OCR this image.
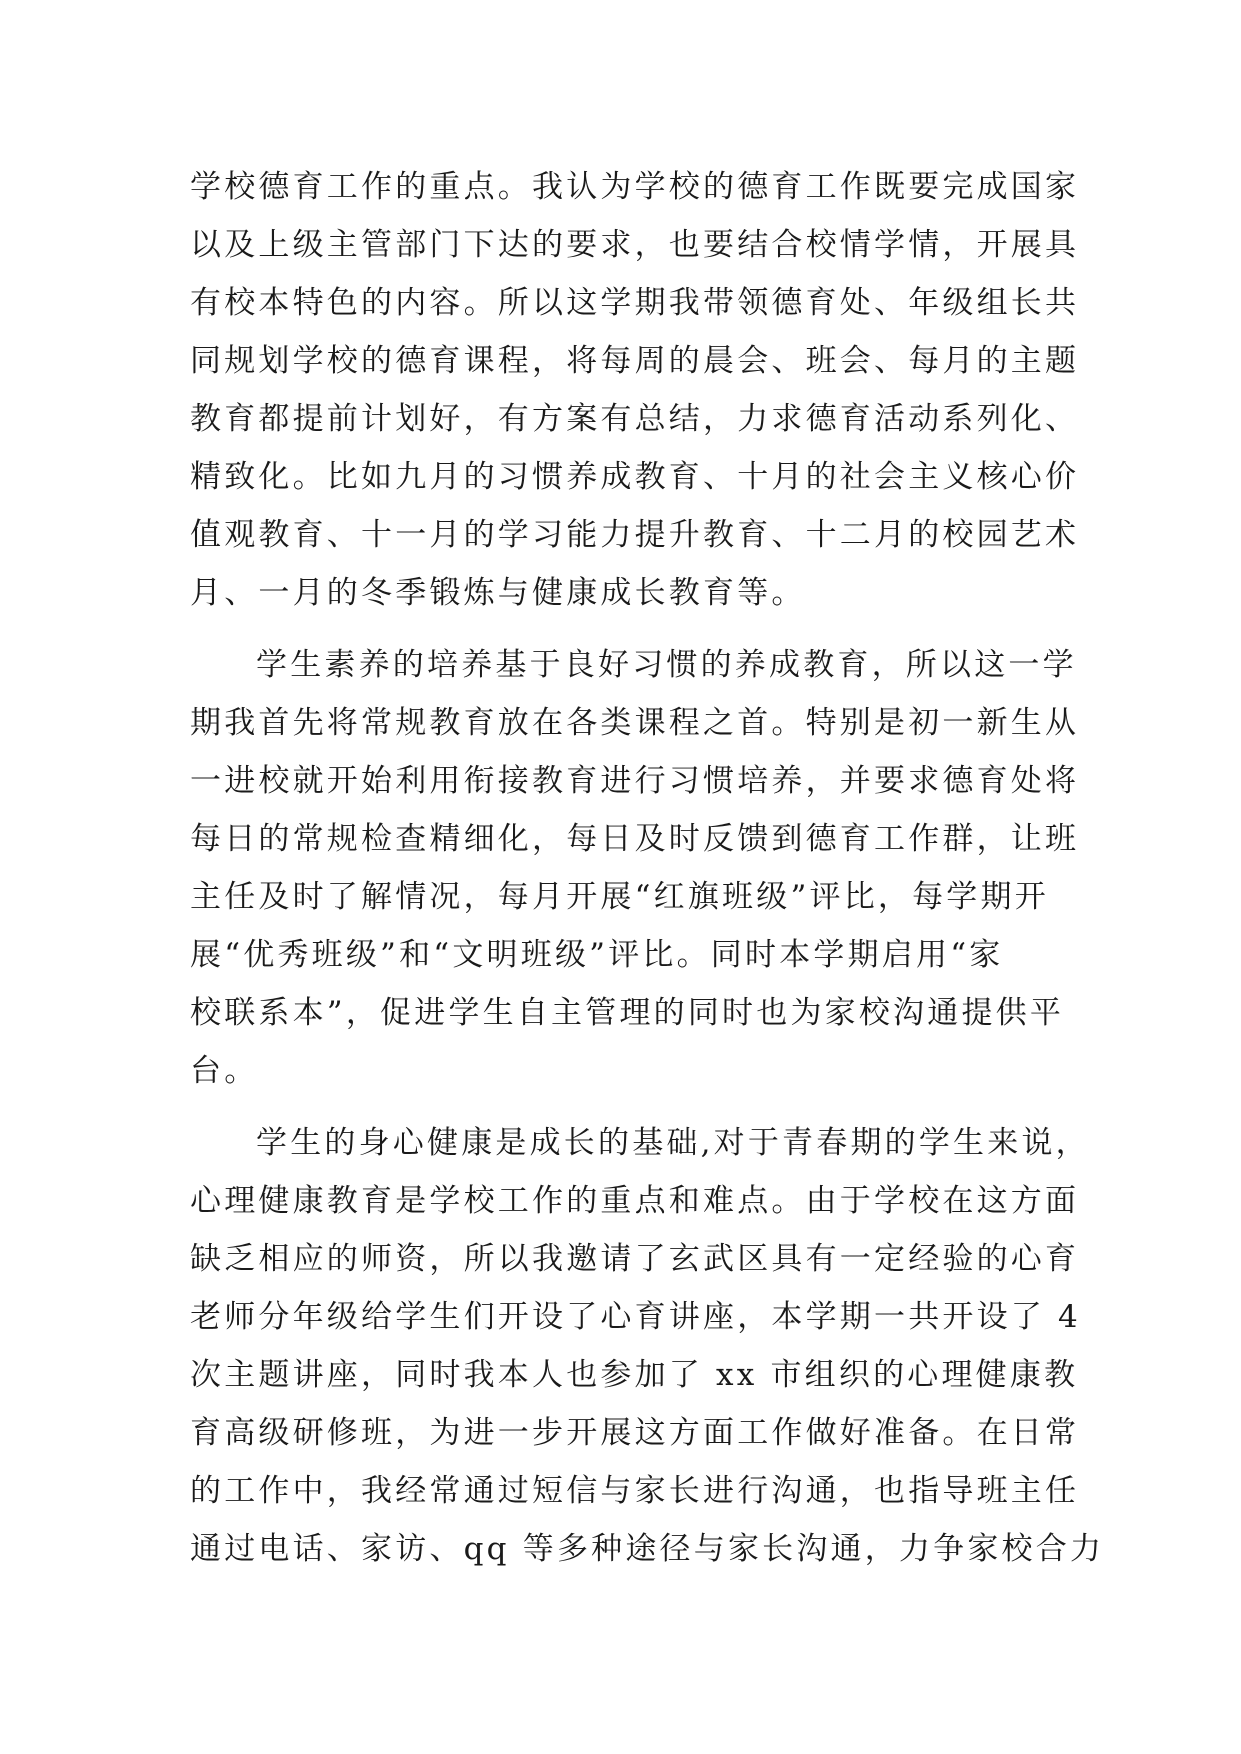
学校德育工作的重点。我认为学校的德育工作既要完成国家
以及上级主管部门下达的要求，也要结合校情学情，开展具
有校本特色的内容。所以这学期我带领德育处、年级组长共
同规划学校的德育课程，将每周的晨会、班会、每月的主题
教育都提前计划好，有方案有总结，力求德育活动系列化、
精致化。比如九月的习惯养成教育、十月的社会主义核心价
值观教育、十一月的学习能力提升教育、十二月的校园艺术
月、一月的冬季锻炼与健康成长教育等。
学生素养的培养基于良好习惯的养成教育，所以这一学
期我首先将常规教育放在各类课程之首。特别是初一新生从
一进校就开始利用衔接教育进行习惯培养，并要求德育处将
每日的常规检查精细化，每日及时反馈到德育工作群，让班
主任及时了解情况，每月开展“红旗班级”评比，每学期开
展“优秀班级”和“文明班级”评比。同时本学期启用“家
校联系本”，促进学生自主管理的同时也为家校沟通提供平
台。
学生的身心健康是成长的基础,对于青春期的学生来说，
心理健康教育是学校工作的重点和难点。由于学校在这方面
缺乏相应的师资，所以我邀请了玄武区具有一定经验的心育
老师分年级给学生们开设了心育讲座，本学期一共开设了 4
次主题讲座，同时我本人也参加了 xx 市组织的心理健康教
育高级研修班，为进一步开展这方面工作做好准备。在日常
的工作中，我经常通过短信与家长进行沟通，也指导班主任
通过电话、家访、qq 等多种途径与家长沟通，力争家校合力
